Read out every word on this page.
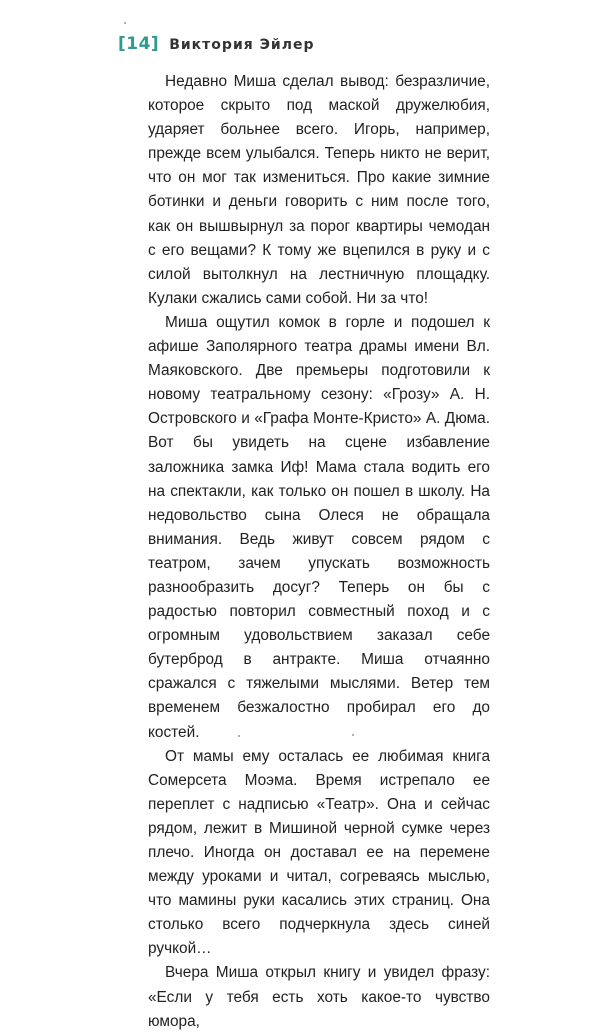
[14] Виктория Эйлер

Недавно Миша сделал вывод: безразличие, которое скрыто под маской дружелюбия, ударяет больнее всего. Игорь, например, прежде всем улыбался. Теперь никто не верит, что он мог так измениться. Про какие зимние ботинки и деньги говорить с ним после того, как он вышвырнул за порог квартиры чемодан с его вещами? К тому же вцепился в руку и с силой вытолкнул на лестничную площадку. Кулаки сжались сами собой. Ни за что!

Миша ощутил комок в горле и подошел к афише Заполярного театра драмы имени Вл. Маяковского. Две премьеры подготовили к новому театральному сезону: «Грозу» А. Н. Островского и «Графа Монте-Кристо» А. Дюма. Вот бы увидеть на сцене избавление заложника замка Иф! Мама стала водить его на спектакли, как только он пошел в школу. На недовольство сына Олеся не обращала внимания. Ведь живут совсем рядом с театром, зачем упускать возможность разнообразить досуг? Теперь он бы с радостью повторил совместный поход и с огромным удовольствием заказал себе бутерброд в антракте. Миша отчаянно сражался с тяжелыми мыслями. Ветер тем временем безжалостно пробирал его до костей.

От мамы ему осталась ее любимая книга Сомерсета Моэма. Время истрепало ее переплет с надписью «Театр». Она и сейчас рядом, лежит в Мишиной черной сумке через плечо. Иногда он доставал ее на перемене между уроками и читал, согреваясь мыслью, что мамины руки касались этих страниц. Она столько всего подчеркнула здесь синей ручкой…

Вчера Миша открыл книгу и увидел фразу: «Если у тебя есть хоть какое-то чувство юмора,
